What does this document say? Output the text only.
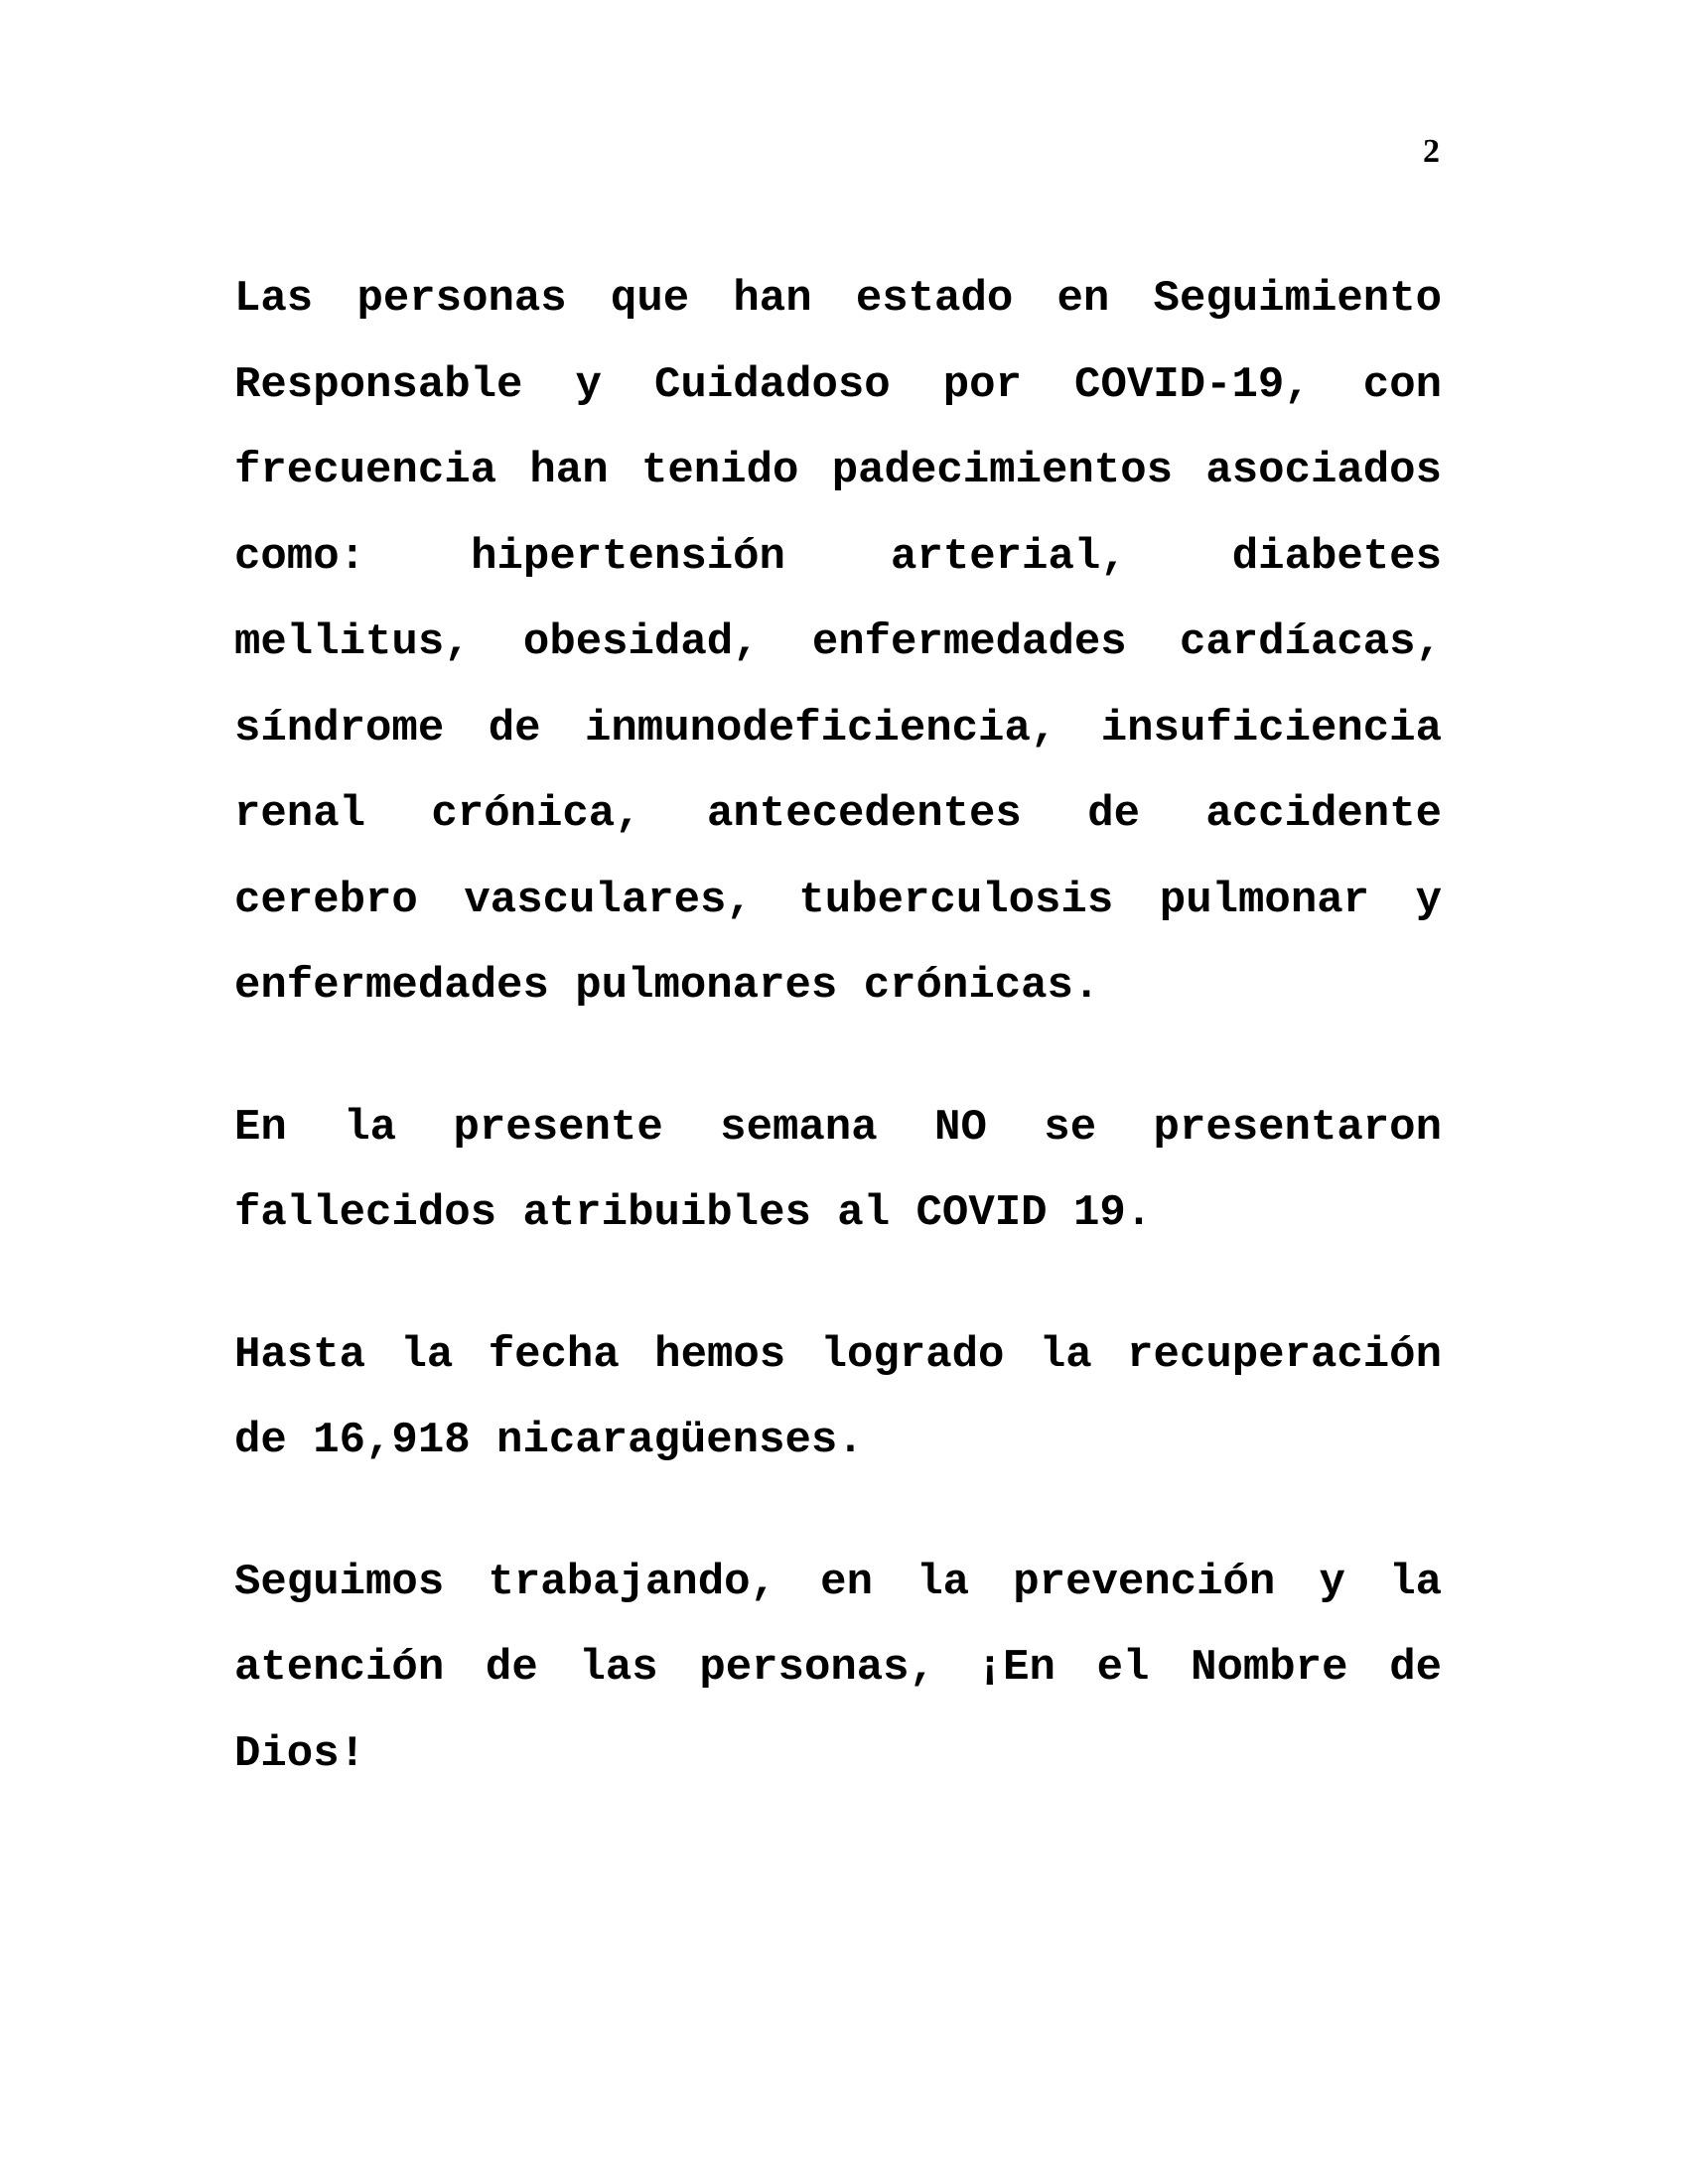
2

Las personas que han estado en Seguimiento Responsable y Cuidadoso por COVID-19, con frecuencia han tenido padecimientos asociados como: hipertensión arterial, diabetes mellitus, obesidad, enfermedades cardíacas, síndrome de inmunodeficiencia, insuficiencia renal crónica, antecedentes de accidente cerebro vasculares, tuberculosis pulmonar y enfermedades pulmonares crónicas.

En la presente semana NO se presentaron fallecidos atribuibles al COVID 19.

Hasta la fecha hemos logrado la recuperación de 16,918 nicaragüenses.

Seguimos trabajando, en la prevención y la atención de las personas, ¡En el Nombre de Dios!
